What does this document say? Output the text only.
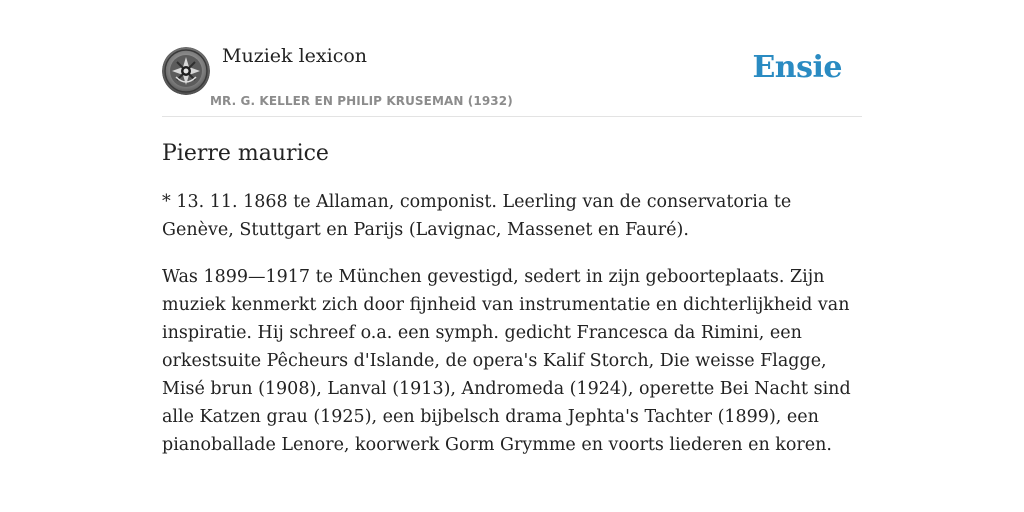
Muziek lexicon
MR. G. KELLER EN PHILIP KRUSEMAN (1932)
Ensie
Pierre maurice

* 13. 11. 1868 te Allaman, componist. Leerling van de conservatoria te Genève, Stuttgart en Parijs (Lavignac, Massenet en Fauré).

Was 1899—1917 te München gevestigd, sedert in zijn geboorteplaats. Zijn muziek kenmerkt zich door fijnheid van instrumentatie en dichterlijkheid van inspiratie. Hij schreef o.a. een symph. gedicht Francesca da Rimini, een orkestsuite Pêcheurs d'Islande, de opera's Kalif Storch, Die weisse Flagge, Misé brun (1908), Lanval (1913), Andromeda (1924), operette Bei Nacht sind alle Katzen grau (1925), een bijbelsch drama Jephta's Tachter (1899), een pianoballade Lenore, koorwerk Gorm Grymme en voorts liederen en koren.
